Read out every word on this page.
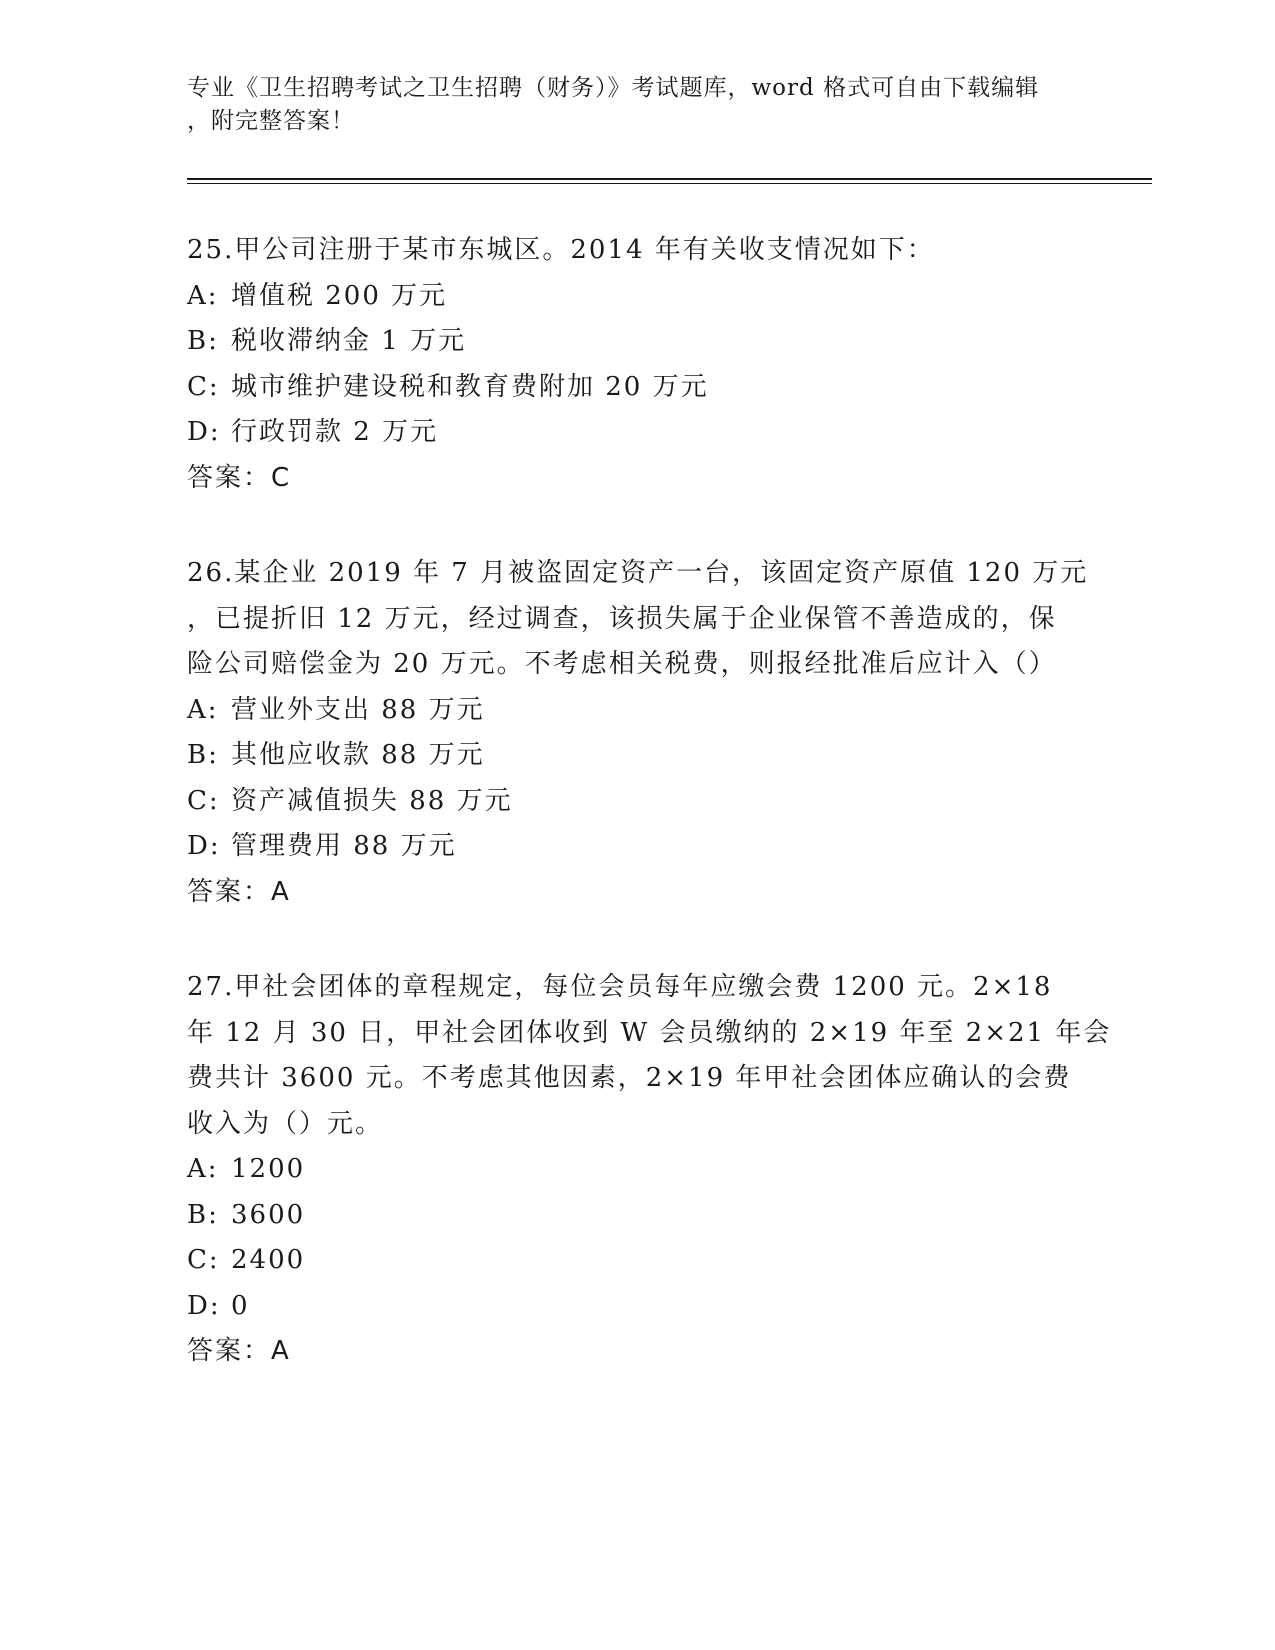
专业《卫生招聘考试之卫生招聘（财务）》考试题库，word 格式可自由下载编辑
，附完整答案！
25.甲公司注册于某市东城区。2014 年有关收支情况如下：
A: 增值税 200 万元
B: 税收滞纳金 1 万元
C: 城市维护建设税和教育费附加 20 万元
D: 行政罚款 2 万元
答案：C
26.某企业 2019 年 7 月被盗固定资产一台，该固定资产原值 120 万元
，已提折旧 12 万元，经过调查，该损失属于企业保管不善造成的，保
险公司赔偿金为 20 万元。不考虑相关税费，则报经批准后应计入（）
A: 营业外支出 88 万元
B: 其他应收款 88 万元
C: 资产减值损失 88 万元
D: 管理费用 88 万元
答案：A
27.甲社会团体的章程规定，每位会员每年应缴会费 1200 元。2×18
年 12 月 30 日，甲社会团体收到 W 会员缴纳的 2×19 年至 2×21 年会
费共计 3600 元。不考虑其他因素，2×19 年甲社会团体应确认的会费
收入为（）元。
A: 1200
B: 3600
C: 2400
D: 0
答案：A
